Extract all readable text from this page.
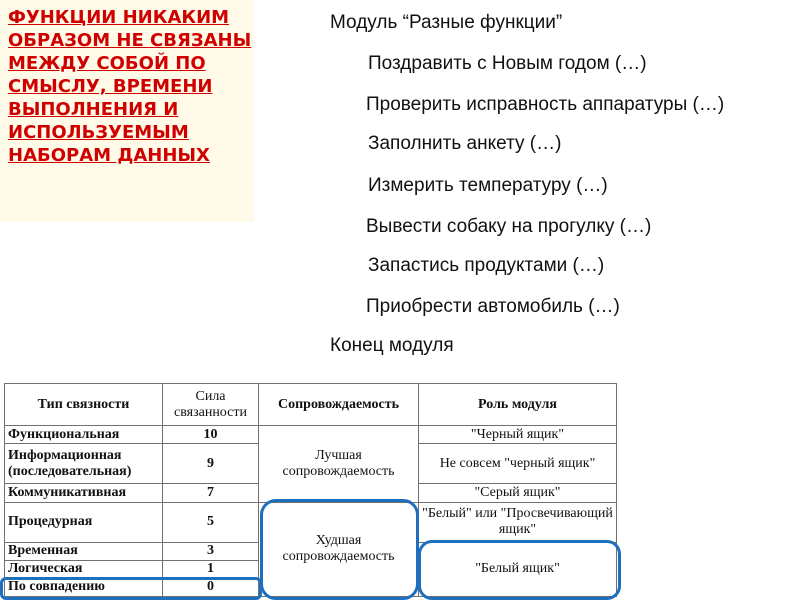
ФУНКЦИИ НИКАКИМ ОБРАЗОМ НЕ СВЯЗАНЫ МЕЖДУ СОБОЙ ПО СМЫСЛУ, ВРЕМЕНИ ВЫПОЛНЕНИЯ И ИСПОЛЬЗУЕМЫМ НАБОРАМ ДАННЫХ

Модуль “Разные функции”
Поздравить с Новым годом (…)
Проверить исправность аппаратуры (…)
Заполнить анкету (…)
Измерить температуру (…)
Вывести собаку на прогулку (…)
Запастись продуктами (…)
Приобрести автомобиль (…)
Конец модуля
Тип связности	Сила связанности	Сопровождаемость	Роль модуля
Функциональная	10	Лучшая сопровождаемость	"Черный ящик"
Информационная (последовательная)	9		Не совсем "черный ящик"
Коммуникативная	7		"Серый ящик"
Процедурная	5	Худшая сопровождаемость	"Белый" или "Просвечивающий ящик"
Временная	3		"Белый ящик"
Логическая	1		
По совпадению	0		
